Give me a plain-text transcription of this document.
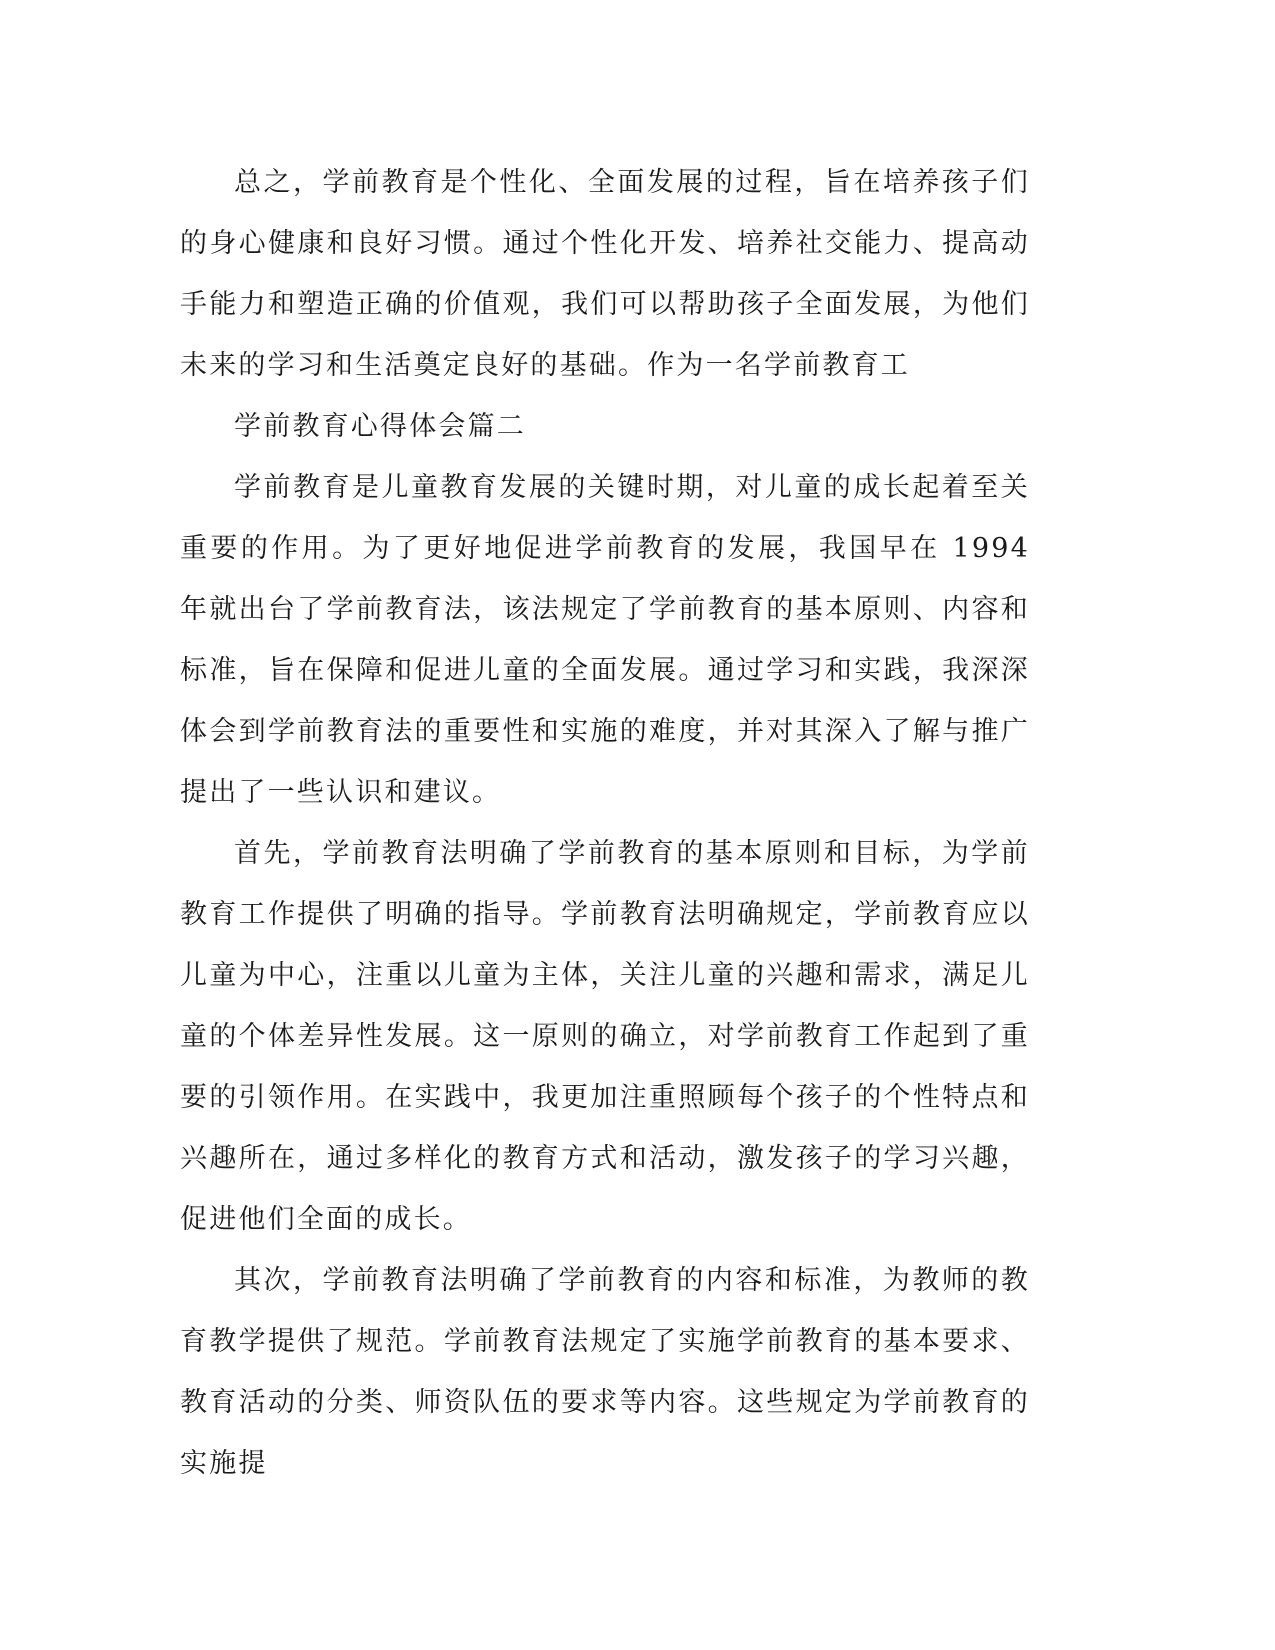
总之，学前教育是个性化、全面发展的过程，旨在培养孩子们的身心健康和良好习惯。通过个性化开发、培养社交能力、提高动手能力和塑造正确的价值观，我们可以帮助孩子全面发展，为他们未来的学习和生活奠定良好的基础。作为一名学前教育工

学前教育心得体会篇二

学前教育是儿童教育发展的关键时期，对儿童的成长起着至关重要的作用。为了更好地促进学前教育的发展，我国早在 1994 年就出台了学前教育法，该法规定了学前教育的基本原则、内容和标准，旨在保障和促进儿童的全面发展。通过学习和实践，我深深体会到学前教育法的重要性和实施的难度，并对其深入了解与推广提出了一些认识和建议。

首先，学前教育法明确了学前教育的基本原则和目标，为学前教育工作提供了明确的指导。学前教育法明确规定，学前教育应以儿童为中心，注重以儿童为主体，关注儿童的兴趣和需求，满足儿童的个体差异性发展。这一原则的确立，对学前教育工作起到了重要的引领作用。在实践中，我更加注重照顾每个孩子的个性特点和兴趣所在，通过多样化的教育方式和活动，激发孩子的学习兴趣，促进他们全面的成长。

其次，学前教育法明确了学前教育的内容和标准，为教师的教育教学提供了规范。学前教育法规定了实施学前教育的基本要求、教育活动的分类、师资队伍的要求等内容。这些规定为学前教育的实施提
